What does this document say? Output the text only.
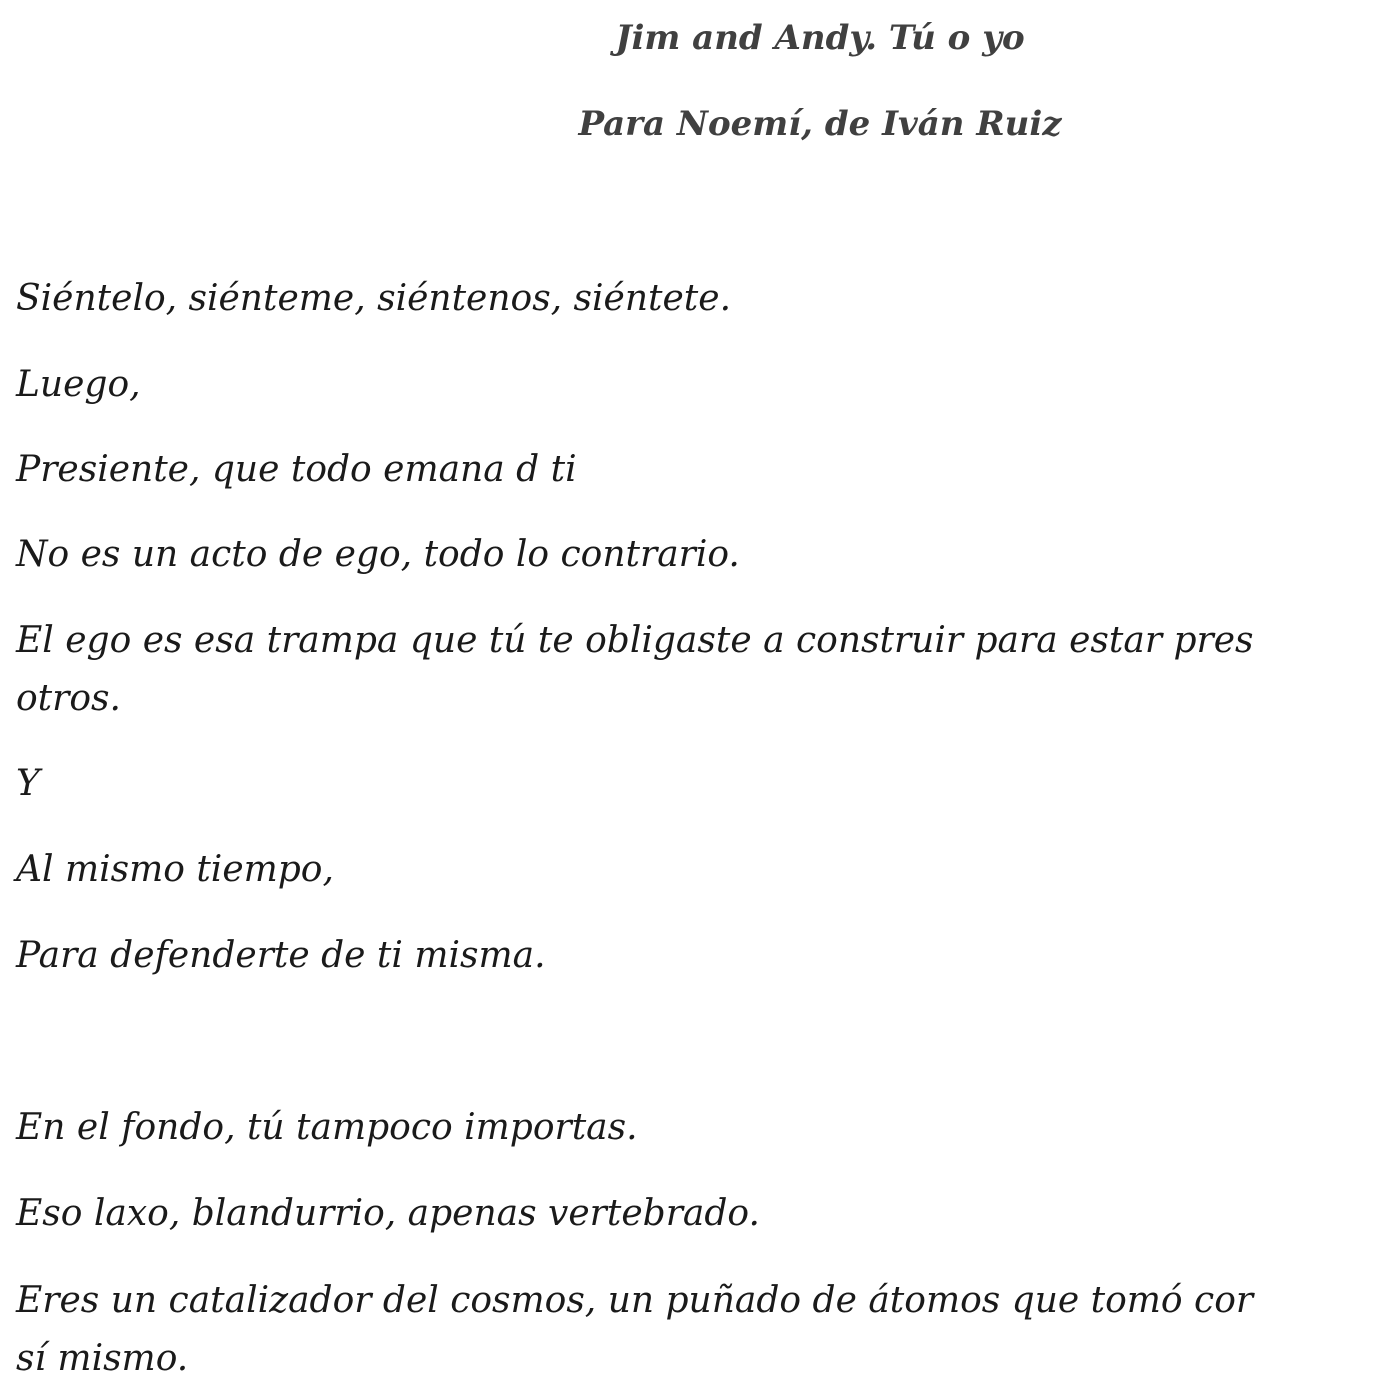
Jim and Andy. Tú o yo
Para Noemí, de Iván Ruiz
Siéntelo, siénteme, siéntenos, siéntete.
Luego,
Presiente, que todo emana d ti
No es un acto de ego, todo lo contrario.
El ego es esa trampa que tú te obligaste a construir para estar pres
otros.
Y
Al mismo tiempo,
Para defenderte de ti misma.
En el fondo, tú tampoco importas.
Eso laxo, blandurrio, apenas vertebrado.
Eres un catalizador del cosmos, un puñado de átomos que tomó cor
sí mismo.
